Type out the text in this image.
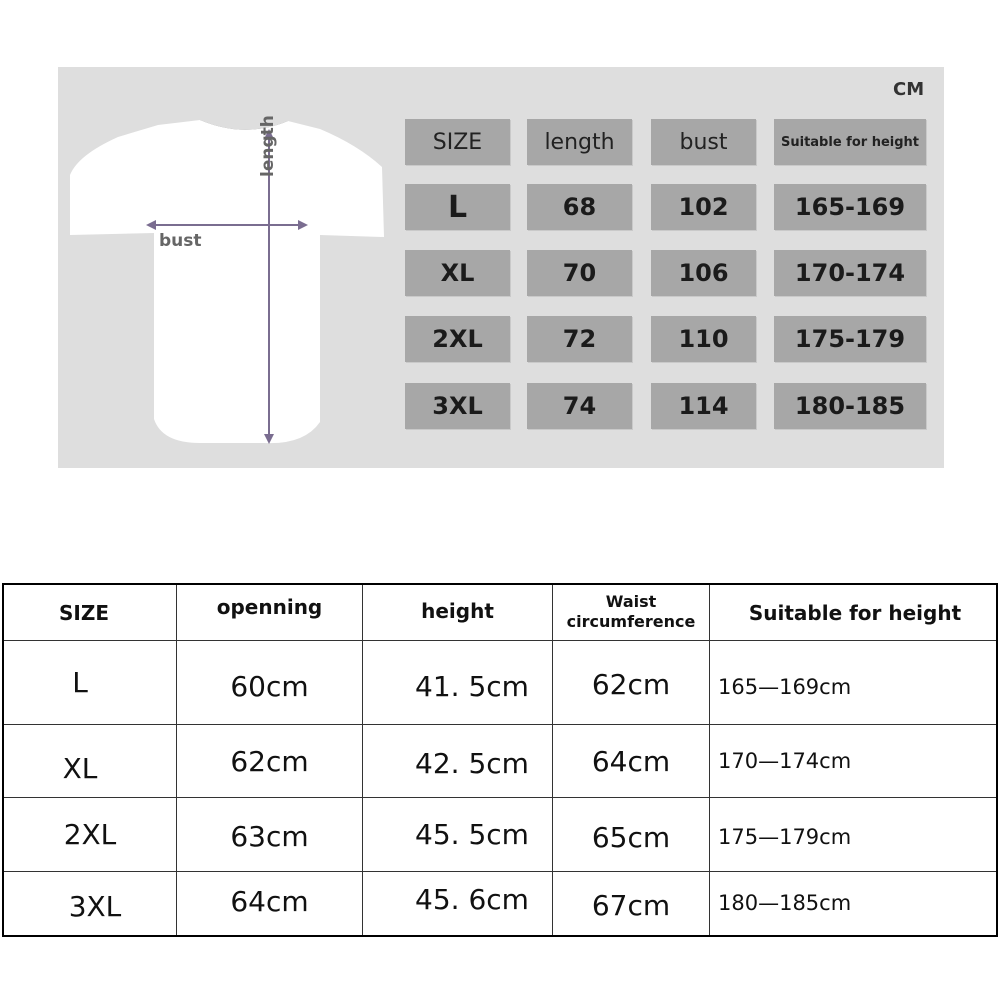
CM
length
bust
SIZE	length	bust	Suitable for height
L	68	102	165-169
XL	70	106	170-174
2XL	72	110	175-179
3XL	74	114	180-185
SIZE	openning	height	Waist circumference	Suitable for height
L	60cm	41. 5cm	62cm	165—169cm
XL	62cm	42. 5cm	64cm	170—174cm
2XL	63cm	45. 5cm	65cm	175—179cm
3XL	64cm	45. 6cm	67cm	180—185cm
